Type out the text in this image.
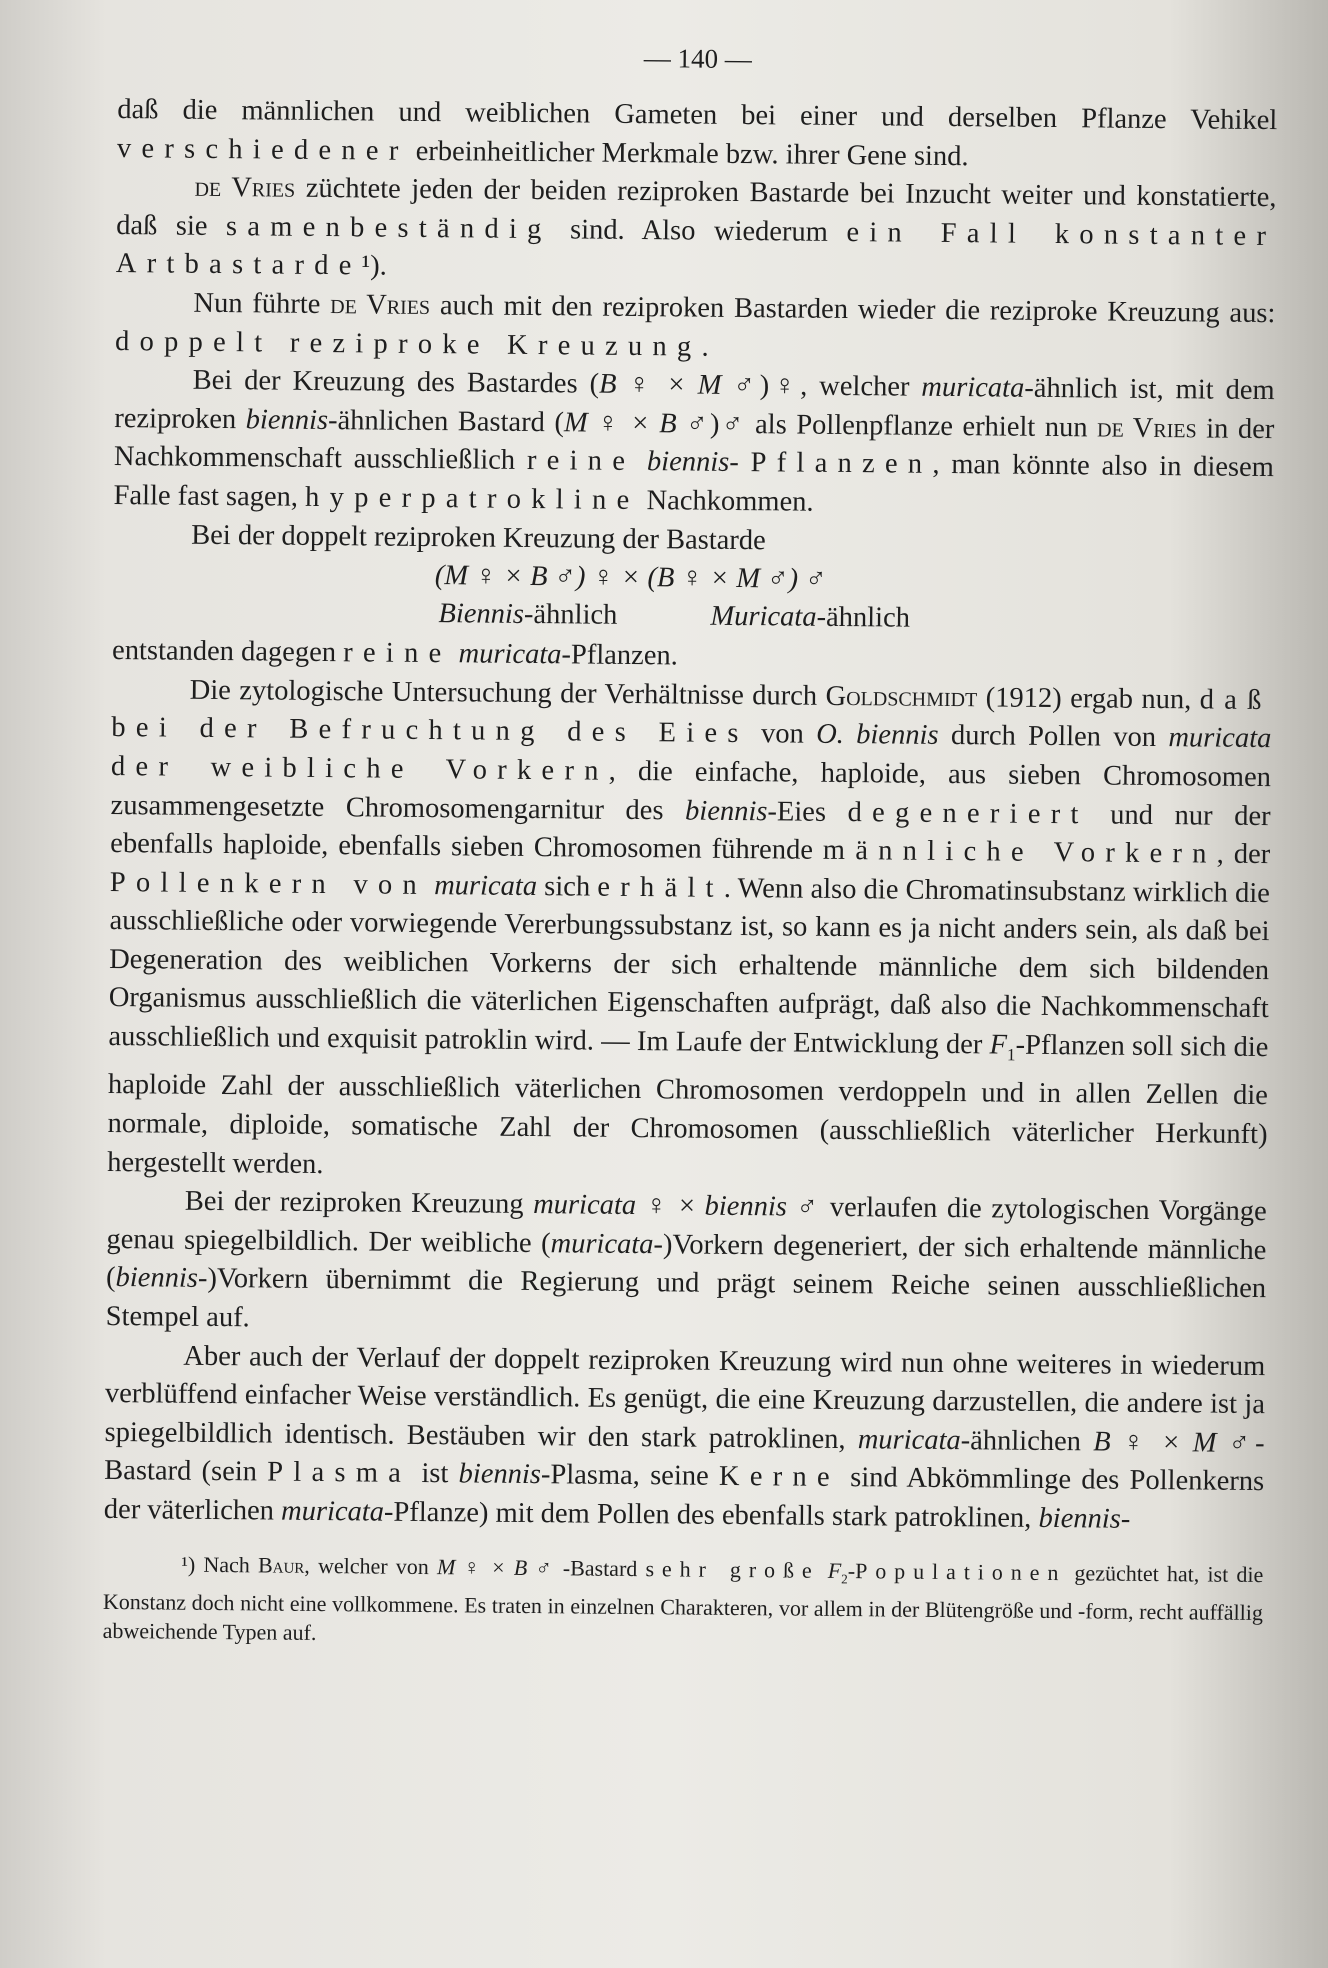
— 140 —

daß die männlichen und weiblichen Gameten bei einer und derselben Pflanze Vehikel verschiedener erbeinheitlicher Merkmale bzw. ihrer Gene sind.

de Vries züchtete jeden der beiden reziproken Bastarde bei Inzucht weiter und konstatierte, daß sie samenbeständig sind. Also wiederum ein Fall konstanter Artbastarde¹).

Nun führte de Vries auch mit den reziproken Bastarden wieder die reziproke Kreuzung aus: doppelt reziproke Kreuzung.

Bei der Kreuzung des Bastardes (B ♀ × M ♂)♀, welcher muricata-ähnlich ist, mit dem reziproken biennis-ähnlichen Bastard (M ♀ × B ♂)♂ als Pollenpflanze erhielt nun de Vries in der Nachkommenschaft ausschließlich reine biennis- Pflanzen, man könnte also in diesem Falle fast sagen, hyperpatrokline Nachkommen.

Bei der doppelt reziproken Kreuzung der Bastarde

(M ♀ × B ♂) ♀ × (B ♀ × M ♂) ♂
Biennis-ähnlich	Muricata-ähnlich

entstanden dagegen reine muricata-Pflanzen.

Die zytologische Untersuchung der Verhältnisse durch Goldschmidt (1912) ergab nun, daß bei der Befruchtung des Eies von O. biennis durch Pollen von muricata der weibliche Vorkern, die einfache, haploide, aus sieben Chromosomen zusammengesetzte Chromosomengarnitur des biennis-Eies degeneriert und nur der ebenfalls haploide, ebenfalls sieben Chromosomen führende männliche Vorkern, der Pollenkern von muricata sich erhält. Wenn also die Chromatinsubstanz wirklich die ausschließliche oder vorwiegende Vererbungssubstanz ist, so kann es ja nicht anders sein, als daß bei Degeneration des weiblichen Vorkerns der sich erhaltende männliche dem sich bildenden Organismus ausschließlich die väterlichen Eigenschaften aufprägt, daß also die Nachkommenschaft ausschließlich und exquisit patroklin wird. — Im Laufe der Entwicklung der $F_1$-Pflanzen soll sich die haploide Zahl der ausschließlich väterlichen Chromosomen verdoppeln und in allen Zellen die normale, diploide, somatische Zahl der Chromosomen (ausschließlich väterlicher Herkunft) hergestellt werden.

Bei der reziproken Kreuzung muricata ♀ × biennis ♂ verlaufen die zytologischen Vorgänge genau spiegelbildlich. Der weibliche (muricata-)Vorkern degeneriert, der sich erhaltende männliche (biennis-)Vorkern übernimmt die Regierung und prägt seinem Reiche seinen ausschließlichen Stempel auf.

Aber auch der Verlauf der doppelt reziproken Kreuzung wird nun ohne weiteres in wiederum verblüffend einfacher Weise verständlich. Es genügt, die eine Kreuzung darzustellen, die andere ist ja spiegelbildlich identisch. Bestäuben wir den stark patroklinen, muricata-ähnlichen B ♀ × M ♂-Bastard (sein Plasma ist biennis-Plasma, seine Kerne sind Abkömmlinge des Pollenkerns der väterlichen muricata-Pflanze) mit dem Pollen des ebenfalls stark patroklinen, biennis-

¹) Nach Baur, welcher von M ♀ × B ♂ -Bastard sehr große $F_2$-Populationen gezüchtet hat, ist die Konstanz doch nicht eine vollkommene. Es traten in einzelnen Charakteren, vor allem in der Blütengröße und -form, recht auffällig abweichende Typen auf.
